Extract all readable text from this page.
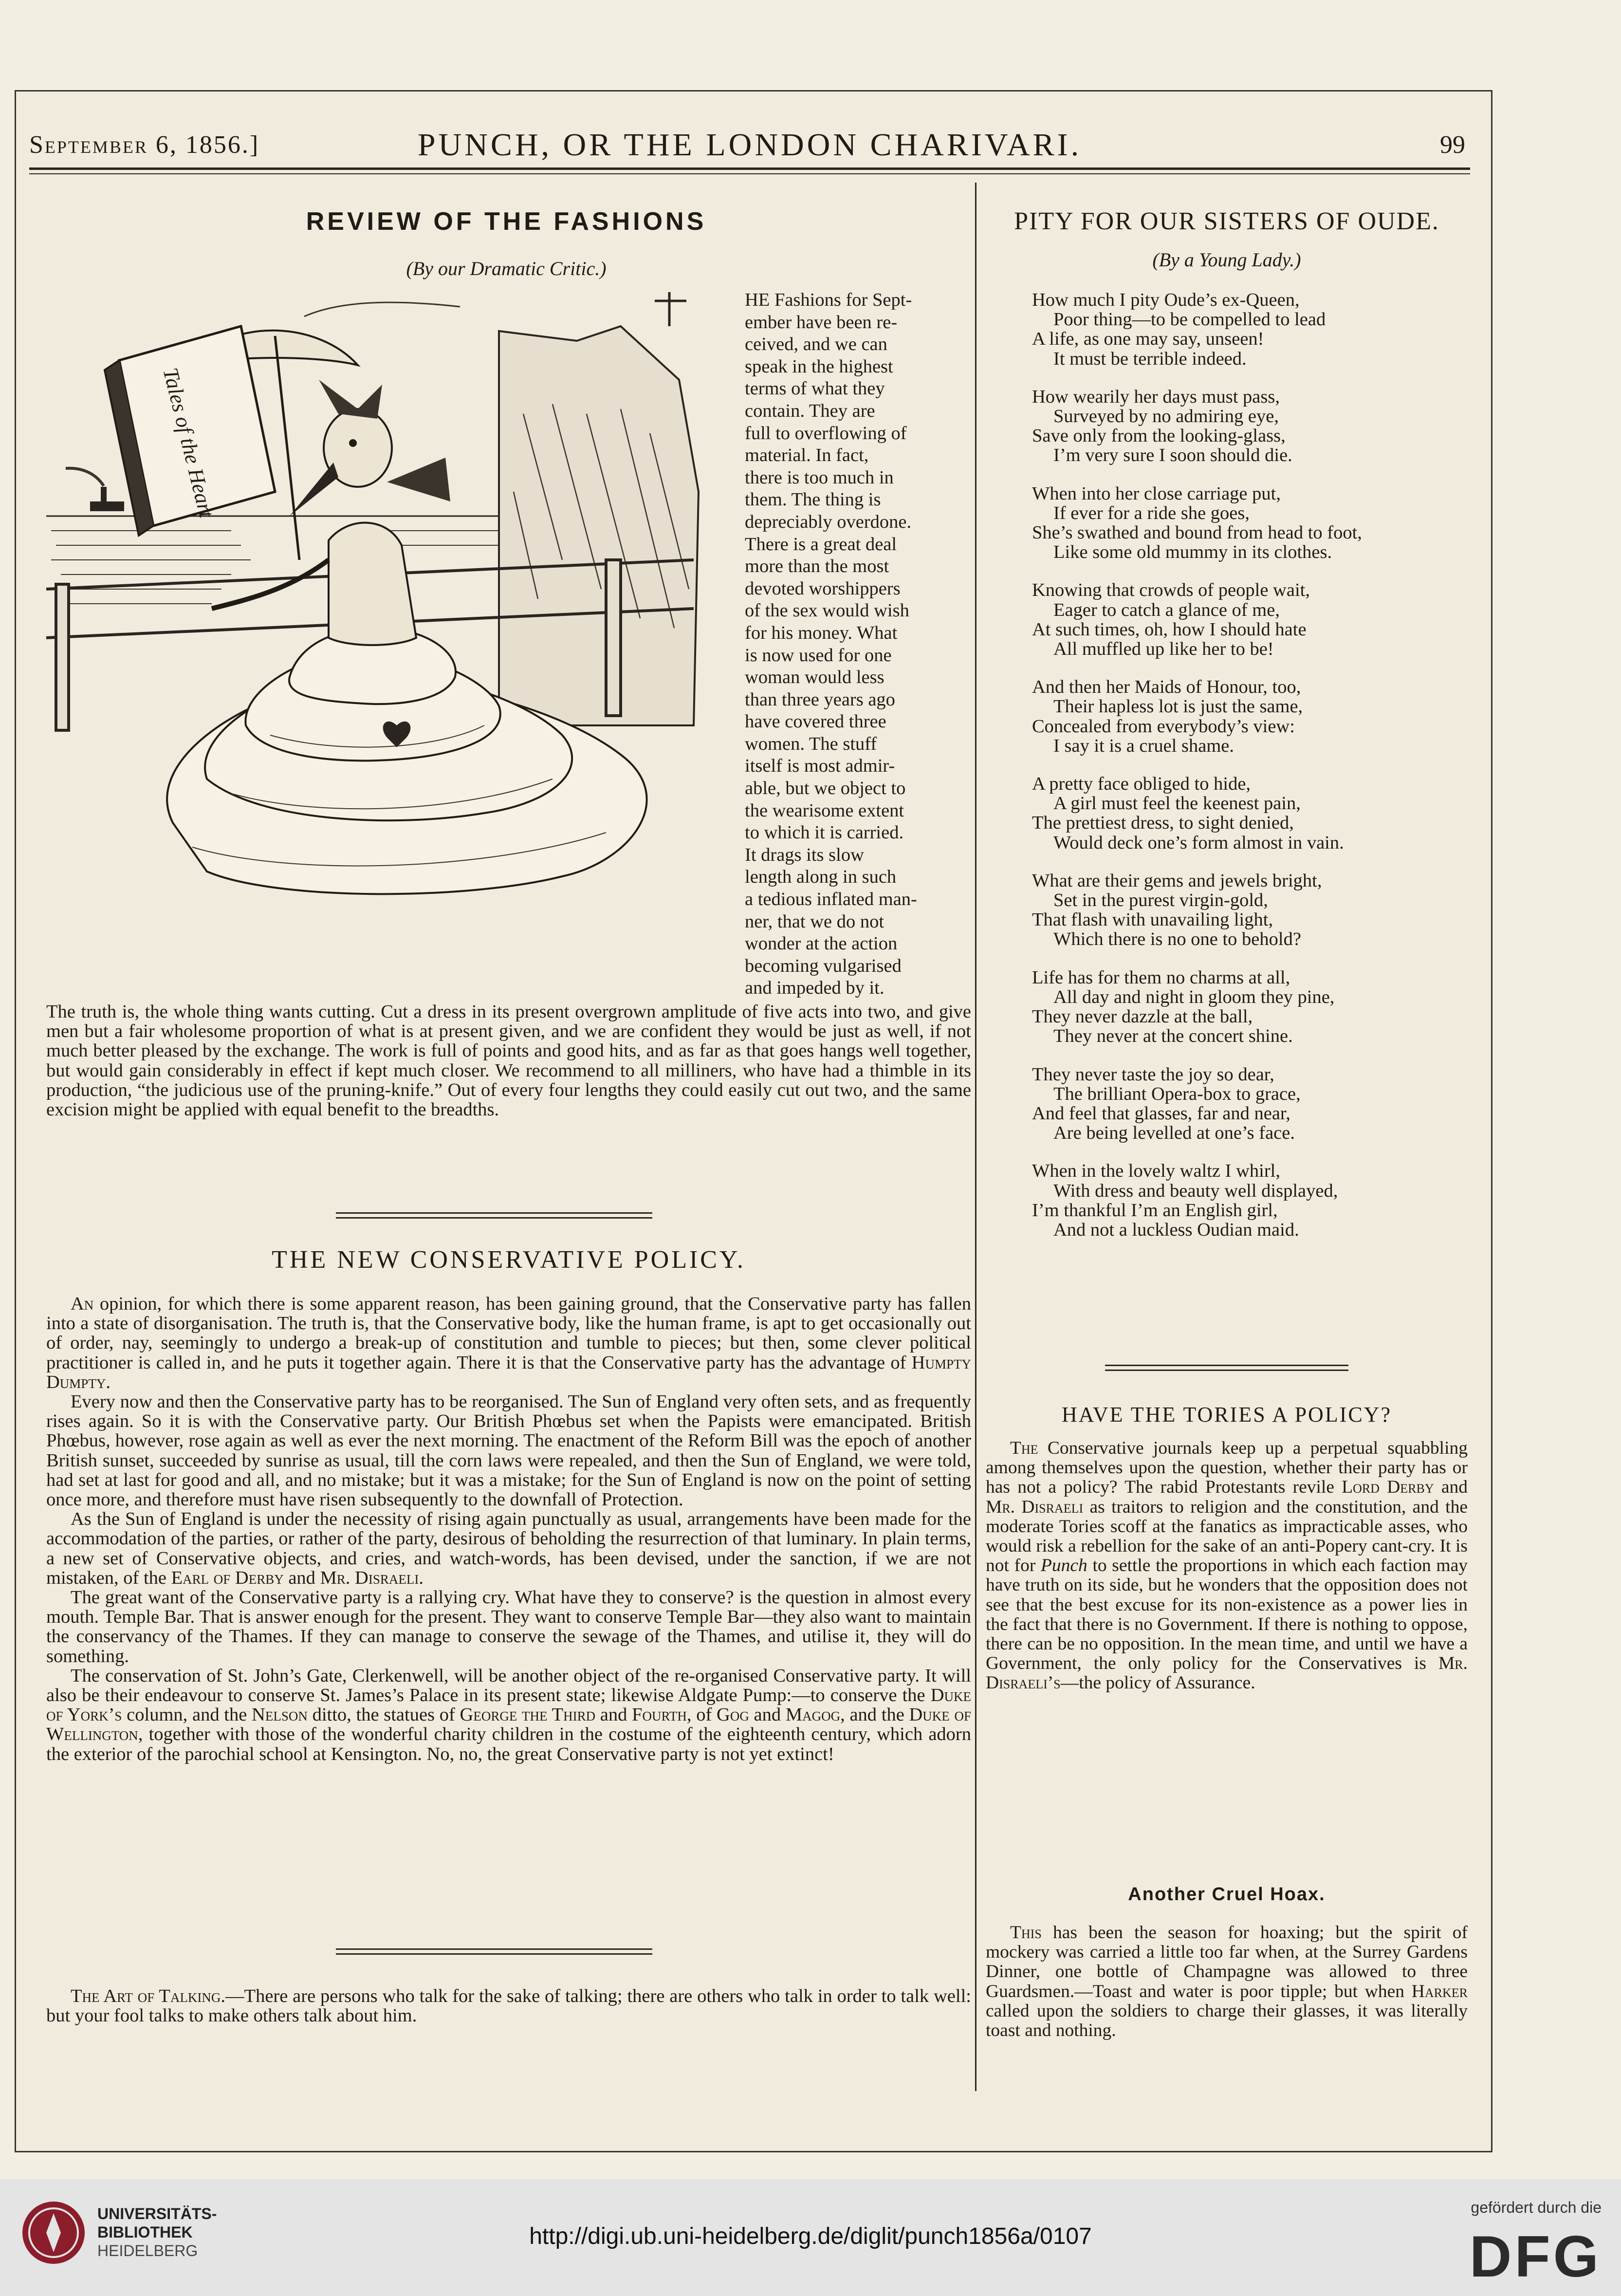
September 6, 1856.]	PUNCH, OR THE LONDON CHARIVARI.	99
REVIEW OF THE FASHIONS
(By our Dramatic Critic.)
Tales of the Heart
HE Fashions for Sept-
ember have been re-
ceived, and we can
speak in the highest
terms of what they
contain. They are
full to overflowing of
material. In fact,
there is too much in
them. The thing is
depreciably overdone.
There is a great deal
more than the most
devoted worshippers
of the sex would wish
for his money. What
is now used for one
woman would less
than three years ago
have covered three
women. The stuff
itself is most admir-
able, but we object to
the wearisome extent
to which it is carried.
It drags its slow
length along in such
a tedious inflated man-
ner, that we do not
wonder at the action
becoming vulgarised
and impeded by it.

The truth is, the whole thing wants cutting. Cut a dress in its present overgrown amplitude of five acts into two, and give men but a fair wholesome proportion of what is at present given, and we are confident they would be just as well, if not much better pleased by the exchange. The work is full of points and good hits, and as far as that goes hangs well together, but would gain considerably in effect if kept much closer. We recommend to all milliners, who have had a thimble in its production, “the judicious use of the pruning-knife.” Out of every four lengths they could easily cut out two, and the same excision might be applied with equal benefit to the breadths.

THE NEW CONSERVATIVE POLICY.

An opinion, for which there is some apparent reason, has been gaining ground, that the Conservative party has fallen into a state of disorganisation. The truth is, that the Conservative body, like the human frame, is apt to get occasionally out of order, nay, seemingly to undergo a break-up of constitution and tumble to pieces; but then, some clever political practitioner is called in, and he puts it together again. There it is that the Conservative party has the advantage of Humpty Dumpty.

Every now and then the Conservative party has to be reorganised. The Sun of England very often sets, and as frequently rises again. So it is with the Conservative party. Our British Phœbus set when the Papists were emancipated. British Phœbus, however, rose again as well as ever the next morning. The enactment of the Reform Bill was the epoch of another British sunset, succeeded by sunrise as usual, till the corn laws were repealed, and then the Sun of England, we were told, had set at last for good and all, and no mistake; but it was a mistake; for the Sun of England is now on the point of setting once more, and therefore must have risen subsequently to the downfall of Protection.

As the Sun of England is under the necessity of rising again punctually as usual, arrangements have been made for the accommodation of the parties, or rather of the party, desirous of beholding the resurrection of that luminary. In plain terms, a new set of Conservative objects, and cries, and watch-words, has been devised, under the sanction, if we are not mistaken, of the Earl of Derby and Mr. Disraeli.

The great want of the Conservative party is a rallying cry. What have they to conserve? is the question in almost every mouth. Temple Bar. That is answer enough for the present. They want to conserve Temple Bar—they also want to maintain the conservancy of the Thames. If they can manage to conserve the sewage of the Thames, and utilise it, they will do something.

The conservation of St. John’s Gate, Clerkenwell, will be another object of the re-organised Conservative party. It will also be their endeavour to conserve St. James’s Palace in its present state; likewise Aldgate Pump:—to conserve the Duke of York’s column, and the Nelson ditto, the statues of George the Third and Fourth, of Gog and Magog, and the Duke of Wellington, together with those of the wonderful charity children in the costume of the eighteenth century, which adorn the exterior of the parochial school at Kensington. No, no, the great Conservative party is not yet extinct!

The Art of Talking.—There are persons who talk for the sake of talking; there are others who talk in order to talk well: but your fool talks to make others talk about him.

PITY FOR OUR SISTERS OF OUDE.
(By a Young Lady.)
How much I pity Oude’s ex-Queen,
Poor thing—to be compelled to lead
A life, as one may say, unseen!
It must be terrible indeed.
How wearily her days must pass,
Surveyed by no admiring eye,
Save only from the looking-glass,
I’m very sure I soon should die.
When into her close carriage put,
If ever for a ride she goes,
She’s swathed and bound from head to foot,
Like some old mummy in its clothes.
Knowing that crowds of people wait,
Eager to catch a glance of me,
At such times, oh, how I should hate
All muffled up like her to be!
And then her Maids of Honour, too,
Their hapless lot is just the same,
Concealed from everybody’s view:
I say it is a cruel shame.
A pretty face obliged to hide,
A girl must feel the keenest pain,
The prettiest dress, to sight denied,
Would deck one’s form almost in vain.
What are their gems and jewels bright,
Set in the purest virgin-gold,
That flash with unavailing light,
Which there is no one to behold?
Life has for them no charms at all,
All day and night in gloom they pine,
They never dazzle at the ball,
They never at the concert shine.
They never taste the joy so dear,
The brilliant Opera-box to grace,
And feel that glasses, far and near,
Are being levelled at one’s face.
When in the lovely waltz I whirl,
With dress and beauty well displayed,
I’m thankful I’m an English girl,
And not a luckless Oudian maid.
HAVE THE TORIES A POLICY?

The Conservative journals keep up a perpetual squabbling among themselves upon the question, whether their party has or has not a policy? The rabid Protestants revile Lord Derby and Mr. Disraeli as traitors to religion and the constitution, and the moderate Tories scoff at the fanatics as impracticable asses, who would risk a rebellion for the sake of an anti-Popery cant-cry. It is not for Punch to settle the proportions in which each faction may have truth on its side, but he wonders that the opposition does not see that the best excuse for its non-existence as a power lies in the fact that there is no Government. If there is nothing to oppose, there can be no opposition. In the mean time, and until we have a Government, the only policy for the Conservatives is Mr. Disraeli’s—the policy of Assurance.

Another Cruel Hoax.

This has been the season for hoaxing; but the spirit of mockery was carried a little too far when, at the Surrey Gardens Dinner, one bottle of Champagne was allowed to three Guardsmen.—Toast and water is poor tipple; but when Harker called upon the soldiers to charge their glasses, it was literally toast and nothing.

UNIVERSITÄTS-
BIBLIOTHEK
HEIDELBERG
http://digi.ub.uni-heidelberg.de/diglit/punch1856a/0107
gefördert durch die
DFG
